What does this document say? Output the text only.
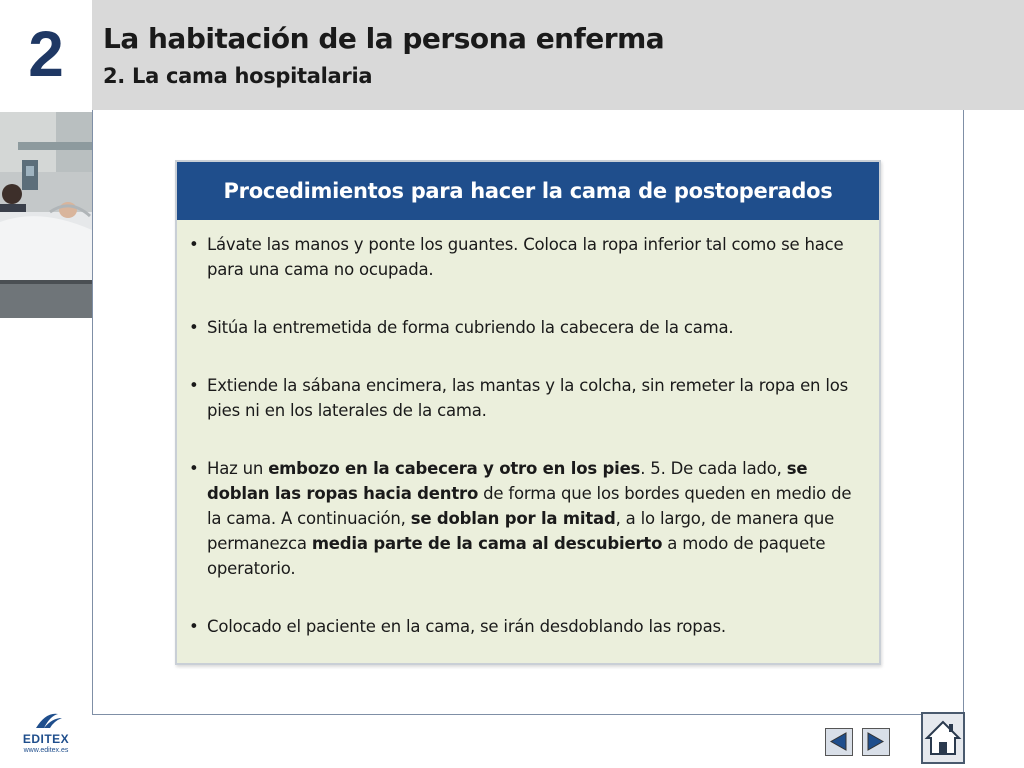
2	La habitación de la persona enferma
2. La cama hospitalaria
Procedimientos para hacer la cama de postoperados
• Lávate las manos y ponte los guantes. Coloca la ropa inferior tal como se hace para una cama no ocupada.
• Sitúa la entremetida de forma cubriendo la cabecera de la cama.
• Extiende la sábana encimera, las mantas y la colcha, sin remeter la ropa en los pies ni en los laterales de la cama.
• Haz un embozo en la cabecera y otro en los pies. 5. De cada lado, se doblan las ropas hacia dentro de forma que los bordes queden en medio de la cama. A continuación, se doblan por la mitad, a lo largo, de manera que permanezca media parte de la cama al descubierto a modo de paquete operatorio.
• Colocado el paciente en la cama, se irán desdoblando las ropas.
EDITEX
www.editex.es
